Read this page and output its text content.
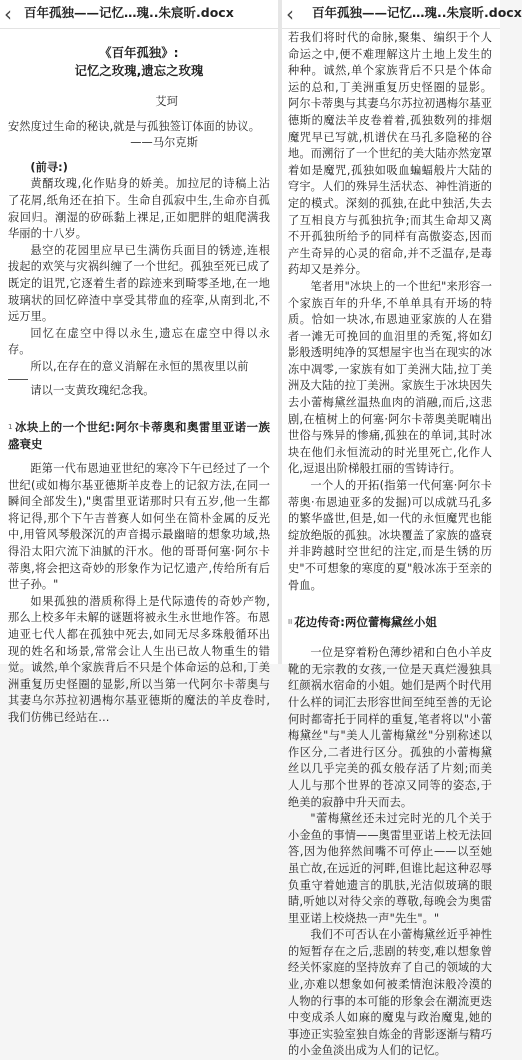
‹ 百年孤独——记忆…瑰..朱宸昕.docx

《百年孤独》:

记忆之玫瑰,遗忘之玫瑰

艾珂

安然度过生命的秘诀,就是与孤独签订体面的协议。

——马尔克斯

(前寻:)

黄醑玫瑰,化作贴身的娇美。加拉尼的诗稿上沾了花屑,纸角还在拍下。生命自孤寂中生,生命亦自孤寂回归。潮湿的矽砾黏上裸足,正如肥胖的蛆爬满我华丽的十八岁。

悬空的花园里应早已生满伤兵面目的锈迹,连根拔起的欢笑与灾祸纠缠了一个世纪。孤独至死已成了既定的诅咒,它逐着生者的踪迹来到畸零圣地,在一地玻璃状的回忆碎渣中享受其带血的痊挛,从南到北,不远万里。

回忆在虚空中得以永生,遗忘在虚空中得以永存。

所以,在存在的意义消解在永恒的黑夜里以前

请以一支黄玫瑰纪念我。

1 冰块上的一个世纪:阿尔卡蒂奥和奥雷里亚诺一族盛衰史

距第一代布恩迪亚世纪的寒冷下午已经过了一个世纪(或如梅尔基亚德斯羊皮卷上的记叙方法,在同一瞬间全部发生),"奥雷里亚诺那时只有五岁,他一生都将记得,那个下午吉普赛人如何坐在简朴金属的反光中,用管风琴般深沉的声音揭示最幽暗的想象功域,热得沿太阳穴流下油腻的汗水。他的哥哥何塞·阿尔卡蒂奥,将会把这奇妙的形象作为记忆遗产,传给所有后世子孙。"

如果孤独的潜质称得上是代际遗传的奇妙产物,那么上校多年未解的谜题将被永生永世地作答。布恩迪亚七代人都在孤独中死去,如同无尽多珠般循环出现的姓名和场景,常常会让人生出已故人物重生的错觉。诚然,单个家族背后不只是个体命运的总和,丁美洲重复历史怪圈的显影,所以当第一代阿尔卡蒂奥与其妻乌尔苏拉初遇梅尔基亚德斯的魔法的羊皮卷时,我们仿佛已经站在…

‹ 百年孤独——记忆…瑰..朱宸昕.docx

若我们将时代的命脉,聚集、编织于个人命运之中,便不难理解这片土地上发生的种种。诚然,单个家族背后不只是个体命运的总和,丁美洲重复历史怪圈的显影。阿尔卡蒂奥与其妻乌尔苏拉初遇梅尔基亚德斯的魔法羊皮卷着着,孤独数列的排烟魔咒早已写就,机谱伏在马孔多隐秘的谷地。而溯衍了一个世纪的美大陆亦然宠罩着如是魔咒,孤独如吸血蝙蝠般片大陆的穹宇。人们的殊异生活状态、神性消逝的定的模式。深刻的孤独,在此中独活,失去了互相良方与孤独抗争;而其生命却又离不开孤独所给予的同样有高傲姿态,因而产生奇异的心灵的宿命,并不乏温存,是毒药却又是养分。

笔者用"冰块上的一个世纪"来形容一个家族百年的升华,不单单具有开场的特质。恰如一块冰,布恩迪亚家族的人在猎者一滩无可挽回的血泪里的秃冤,将如幻影般透明纯净的冥想屋宇也当在现实的冰冻中凋零,一家族有如丁美洲大陆,拉丁美洲及大陆的拉丁美洲。家族生于冰块因失去小蕾梅黛丝温热血肉的消融,而后,这悲剧,在植树上的何塞·阿尔卡蒂奥美昵喃出世俗与殊异的惨痛,孤独在的单词,其时冰块在他们永恒流动的时光里死亡,化作人化,逗退出阶梯般扛丽的雪铸诗行。

一个人的开拓(指第一代何塞·阿尔卡蒂奥·布恩迪亚多的发掘)可以成就马孔多的繁华盛世,但是,如一代的永恒魔咒也能绽放绝版的孤独。冰块覆盖了家族的盛衰并非跨越时空世纪的注定,而是生锈的历史"不可想象的寒度的夏"般冰冻于至亲的骨血。

II 花边传奇:两位蕾梅黛丝小姐

一位是穿着粉色薄纱裙和白色小羊皮靴的无宗教的女孩,一位是天真烂漫独具红颜祸水宿命的小姐。她们是两个时代用什么样的词汇去形容世间至纯至善的无论何时都寄托于同样的重复,笔者将以"小蕾梅黛丝"与"美人儿蕾梅黛丝"分别称述以作区分,二者进行区分。孤独的小蕾梅黛丝以几乎完美的孤女般存活了片刻;而美人儿与那个世界的苍凉又同等的姿态,于绝美的寂静中升天而去。

"蕾梅黛丝还未过完时光的几个关于小金鱼的事情——奥雷里亚诺上校无法回答,因为他猝然间嘴不可停止——以至她虽亡故,在远近的河畔,但谁比起这种忍辱负重守着她遗言的肌肤,光洁似玻璃的眼睛,听她以对待父亲的尊敬,每晚会为奥雷里亚诺上校烧热一声"先生"。"

我们不可否认在小蕾梅黛丝近乎神性的短暂存在之后,悲剧的转变,难以想象曾经关怀家庭的坚持放弃了自己的领域的大业,亦难以想象如何被柔情泡沫般冷漠的人物的行事的本可能的形象会在潮流更迭中变成杀人如麻的魔鬼与政治魔鬼,她的事迹正实验室独自炼金的背影逐渐与精巧的小金鱼淡出成为人们的记忆。
